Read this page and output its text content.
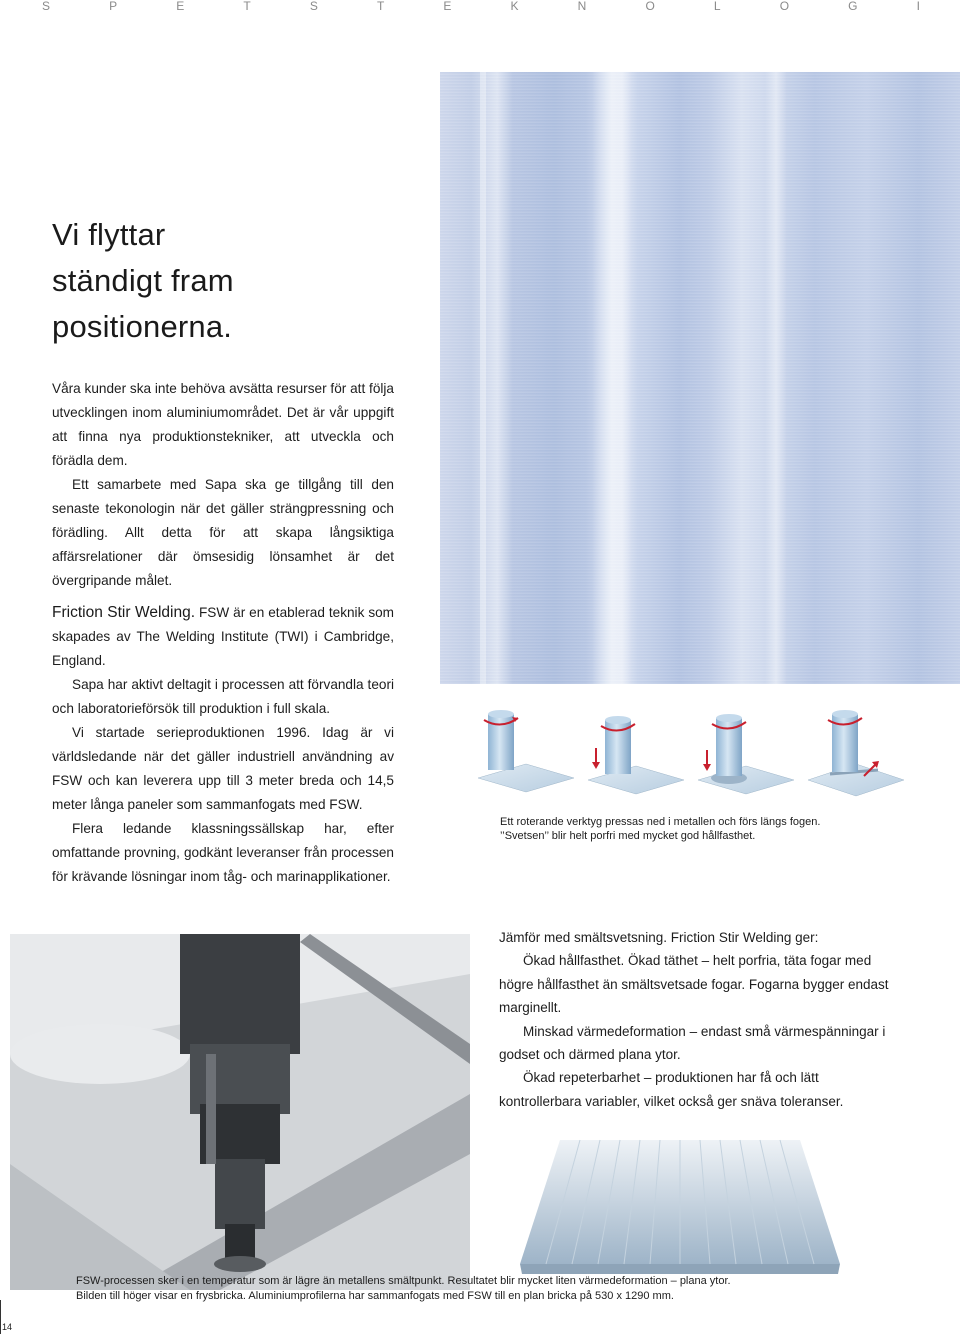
S	P	E	T	S	T	E	K	N	O	L	O	G	I
Vi flyttar
ständigt fram
positionerna.

Våra kunder ska inte behöva avsätta resurser för att följa utvecklingen inom aluminiumområdet. Det är vår uppgift att finna nya produktionstekniker, att utveckla och förädla dem.

Ett samarbete med Sapa ska ge tillgång till den senaste tekonologin när det gäller strängpressning och förädling. Allt detta för att skapa långsiktiga affärsrelationer där ömsesidig lönsamhet är det övergripande målet.

Friction Stir Welding. FSW är en etablerad teknik som skapades av The Welding Institute (TWI) i Cambridge, England.

Sapa har aktivt deltagit i processen att förvandla teori och laboratorieförsök till produktion i full skala.

Vi startade serieproduktionen 1996. Idag är vi världsledande när det gäller industriell användning av FSW och kan leverera upp till 3 meter breda och 14,5 meter långa paneler som sammanfogats med FSW.

Flera ledande klassningssällskap har, efter omfattande provning, godkänt leveranser från processen för krävande lösningar inom tåg- och marinapplikationer.

Ett roterande verktyg pressas ned i metallen och förs längs fogen.
’’Svetsen’’ blir helt porfri med mycket god hållfasthet.

Jämför med smältsvetsning. Friction Stir Welding ger:

Ökad hållfasthet. Ökad täthet – helt porfria, täta fogar med högre hållfasthet än smältsvetsade fogar. Fogarna bygger endast marginellt.

Minskad värmedeformation – endast små värmespänningar i godset och därmed plana ytor.

Ökad repeterbarhet – produktionen har få och lätt kontrollerbara variabler, vilket också ger snäva toleranser.

FSW-processen sker i en temperatur som är lägre än metallens smältpunkt. Resultatet blir mycket liten värmedeformation – plana ytor.
Bilden till höger visar en frysbricka. Aluminiumprofilerna har sammanfogats med FSW till en plan bricka på 530 x 1290 mm.
14
